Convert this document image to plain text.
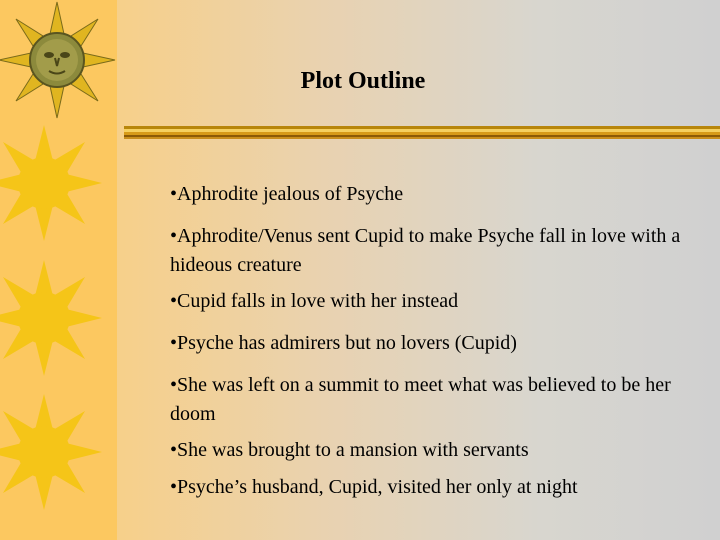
Plot Outline
•Aphrodite jealous of Psyche
•Aphrodite/Venus sent Cupid to make Psyche fall in love with a hideous creature
•Cupid falls in love with her instead
•Psyche has admirers but no lovers (Cupid)
•She was left on a summit to meet what was believed to be her doom
•She was brought to a mansion with servants
•Psyche’s husband, Cupid, visited her only at night
